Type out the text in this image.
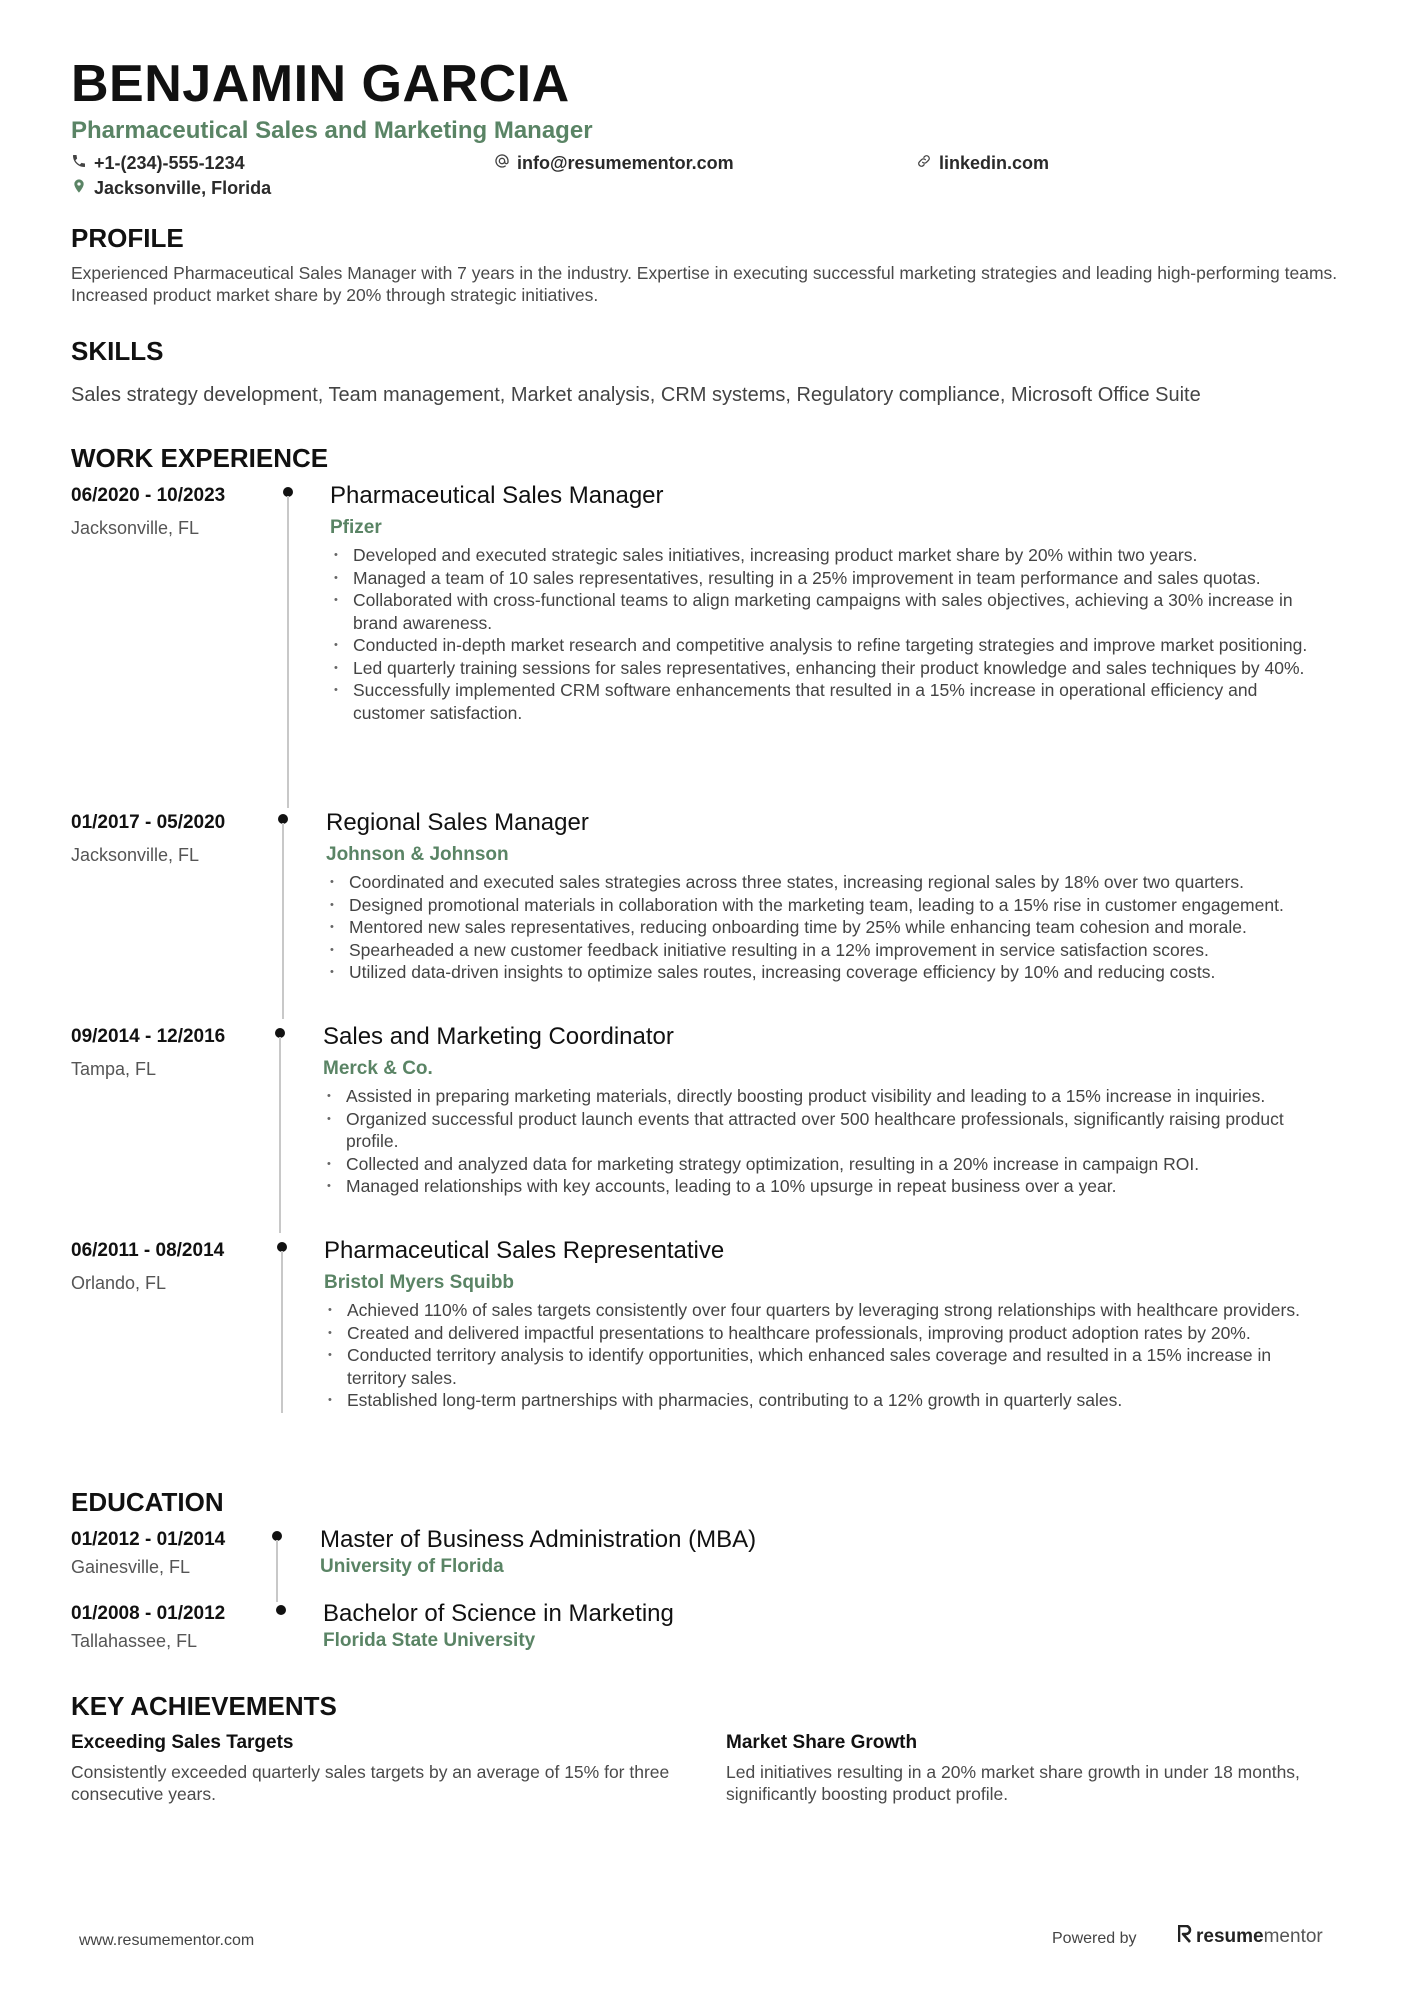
BENJAMIN GARCIA
Pharmaceutical Sales and Marketing Manager
+1-(234)-555-1234	info@resumementor.com	linkedin.com
Jacksonville, Florida
PROFILE
Experienced Pharmaceutical Sales Manager with 7 years in the industry. Expertise in executing successful marketing strategies and leading high-performing teams. Increased product market share by 20% through strategic initiatives.
SKILLS
Sales strategy development, Team management, Market analysis, CRM systems, Regulatory compliance, Microsoft Office Suite
WORK EXPERIENCE
06/2020 - 10/2023
Jacksonville, FL
Pharmaceutical Sales Manager
Pfizer
• Developed and executed strategic sales initiatives, increasing product market share by 20% within two years.
• Managed a team of 10 sales representatives, resulting in a 25% improvement in team performance and sales quotas.
• Collaborated with cross-functional teams to align marketing campaigns with sales objectives, achieving a 30% increase in brand awareness.
• Conducted in-depth market research and competitive analysis to refine targeting strategies and improve market positioning.
• Led quarterly training sessions for sales representatives, enhancing their product knowledge and sales techniques by 40%.
• Successfully implemented CRM software enhancements that resulted in a 15% increase in operational efficiency and customer satisfaction.
01/2017 - 05/2020
Jacksonville, FL
Regional Sales Manager
Johnson & Johnson
• Coordinated and executed sales strategies across three states, increasing regional sales by 18% over two quarters.
• Designed promotional materials in collaboration with the marketing team, leading to a 15% rise in customer engagement.
• Mentored new sales representatives, reducing onboarding time by 25% while enhancing team cohesion and morale.
• Spearheaded a new customer feedback initiative resulting in a 12% improvement in service satisfaction scores.
• Utilized data-driven insights to optimize sales routes, increasing coverage efficiency by 10% and reducing costs.
09/2014 - 12/2016
Tampa, FL
Sales and Marketing Coordinator
Merck & Co.
• Assisted in preparing marketing materials, directly boosting product visibility and leading to a 15% increase in inquiries.
• Organized successful product launch events that attracted over 500 healthcare professionals, significantly raising product profile.
• Collected and analyzed data for marketing strategy optimization, resulting in a 20% increase in campaign ROI.
• Managed relationships with key accounts, leading to a 10% upsurge in repeat business over a year.
06/2011 - 08/2014
Orlando, FL
Pharmaceutical Sales Representative
Bristol Myers Squibb
• Achieved 110% of sales targets consistently over four quarters by leveraging strong relationships with healthcare providers.
• Created and delivered impactful presentations to healthcare professionals, improving product adoption rates by 20%.
• Conducted territory analysis to identify opportunities, which enhanced sales coverage and resulted in a 15% increase in territory sales.
• Established long-term partnerships with pharmacies, contributing to a 12% growth in quarterly sales.
EDUCATION
01/2012 - 01/2014
Gainesville, FL
Master of Business Administration (MBA)
University of Florida
01/2008 - 01/2012
Tallahassee, FL
Bachelor of Science in Marketing
Florida State University
KEY ACHIEVEMENTS
Exceeding Sales Targets
Consistently exceeded quarterly sales targets by an average of 15% for three consecutive years.
Market Share Growth
Led initiatives resulting in a 20% market share growth in under 18 months, significantly boosting product profile.
www.resumementor.com	Powered by	resumementor
